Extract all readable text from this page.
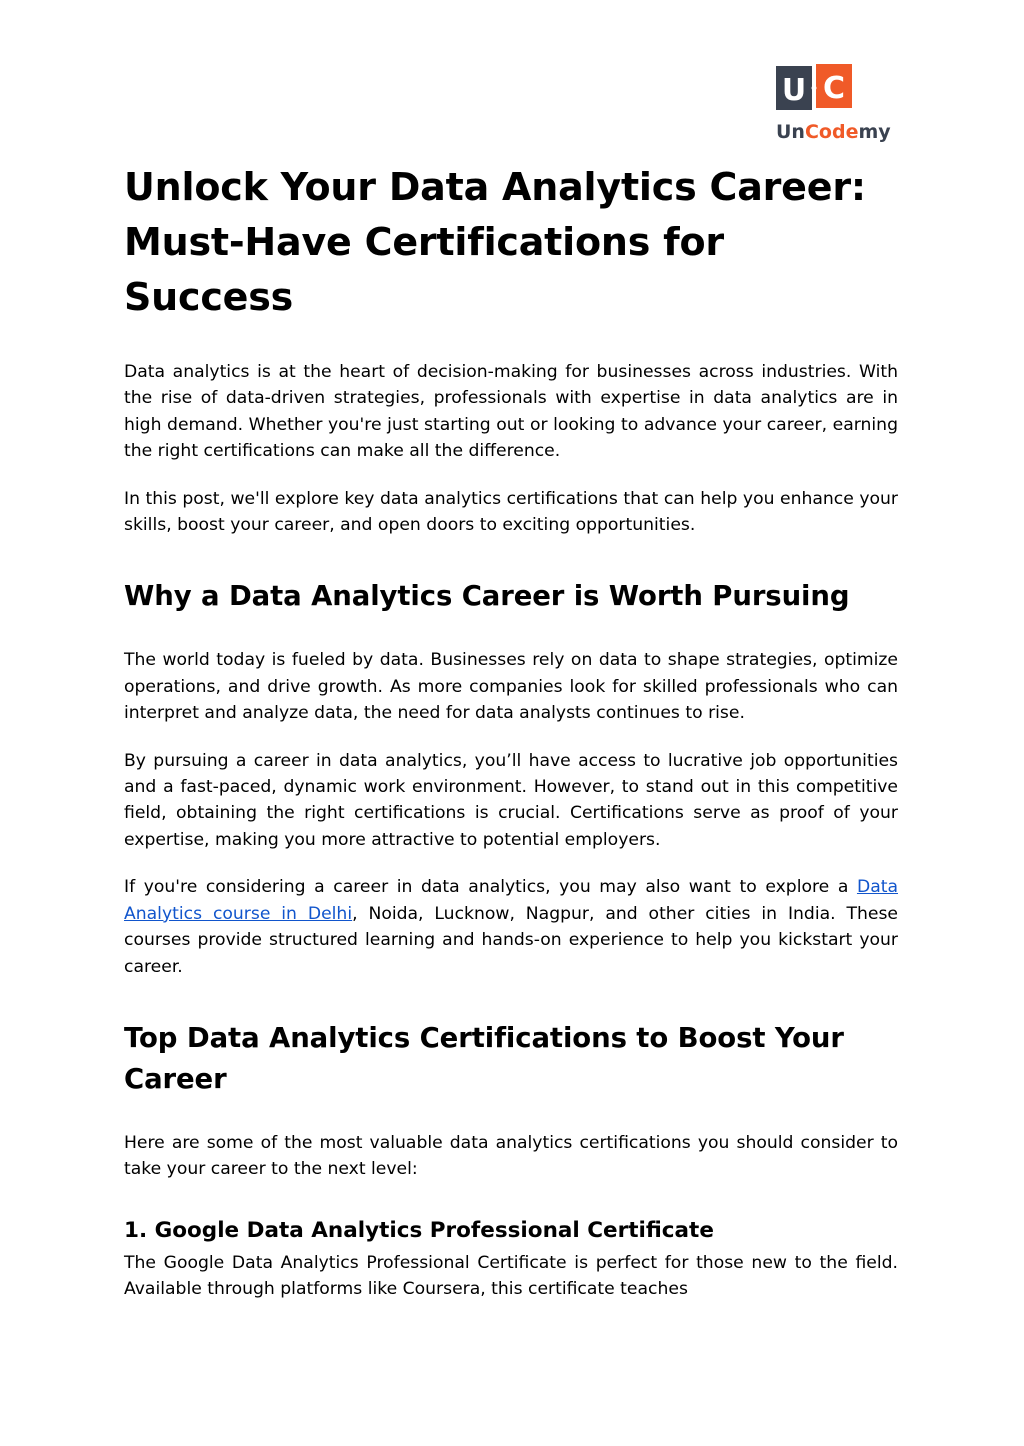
U C
UnCodemy
Unlock Your Data Analytics Career: Must-Have Certifications for Success

Data analytics is at the heart of decision-making for businesses across industries. With the rise of data-driven strategies, professionals with expertise in data analytics are in high demand. Whether you're just starting out or looking to advance your career, earning the right certifications can make all the difference.

In this post, we'll explore key data analytics certifications that can help you enhance your skills, boost your career, and open doors to exciting opportunities.

Why a Data Analytics Career is Worth Pursuing

The world today is fueled by data. Businesses rely on data to shape strategies, optimize operations, and drive growth. As more companies look for skilled professionals who can interpret and analyze data, the need for data analysts continues to rise.

By pursuing a career in data analytics, you’ll have access to lucrative job opportunities and a fast-paced, dynamic work environment. However, to stand out in this competitive field, obtaining the right certifications is crucial. Certifications serve as proof of your expertise, making you more attractive to potential employers.

If you're considering a career in data analytics, you may also want to explore a Data Analytics course in Delhi, Noida, Lucknow, Nagpur, and other cities in India. These courses provide structured learning and hands-on experience to help you kickstart your career.

Top Data Analytics Certifications to Boost Your Career

Here are some of the most valuable data analytics certifications you should consider to take your career to the next level:

1. Google Data Analytics Professional Certificate

The Google Data Analytics Professional Certificate is perfect for those new to the field. Available through platforms like Coursera, this certificate teaches
